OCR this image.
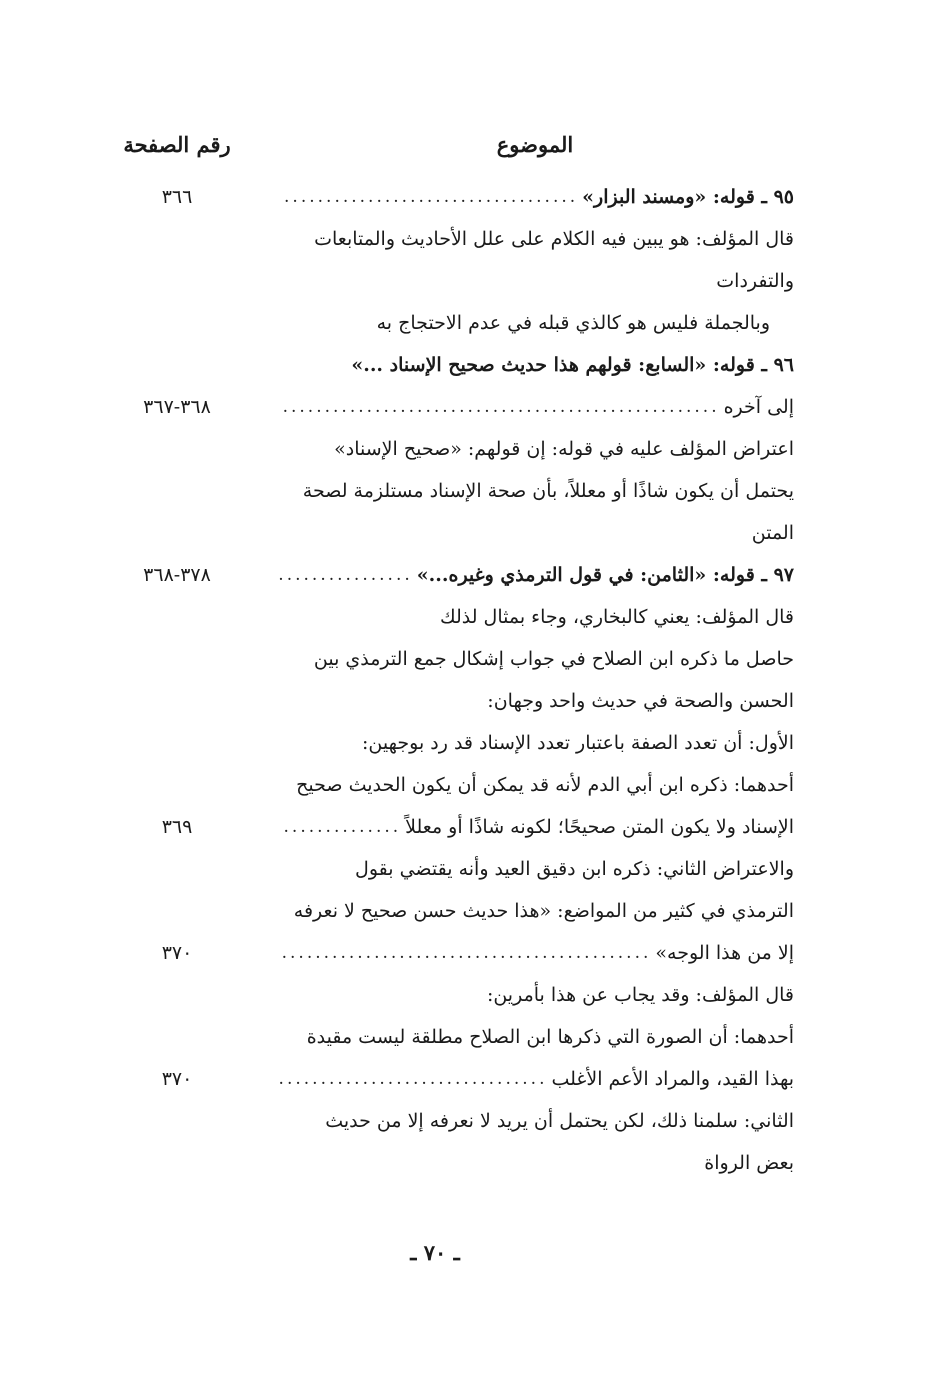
الموضوع
رقم الصفحة
٩٥ ـ قوله: «ومسند البزار»
...................................
٣٦٦
قال المؤلف: هو يبين فيه الكلام على علل الأحاديث والمتابعات
والتفردات
وبالجملة فليس هو كالذي قبله في عدم الاحتجاج به
٩٦ ـ قوله: «السابع: قولهم هذا حديث صحيح الإسناد ...»
إلى آخره
....................................................
٣٦٨-٣٦٧
اعتراض المؤلف عليه في قوله: إن قولهم: «صحيح الإسناد»
يحتمل أن يكون شاذًا أو معللاً، بأن صحة الإسناد مستلزمة لصحة
المتن
٩٧ ـ قوله: «الثامن: في قول الترمذي وغيره...»
................
٣٧٨-٣٦٨
قال المؤلف: يعني كالبخاري، وجاء بمثال لذلك
حاصل ما ذكره ابن الصلاح في جواب إشكال جمع الترمذي بين
الحسن والصحة في حديث واحد وجهان:
الأول: أن تعدد الصفة باعتبار تعدد الإسناد قد رد بوجهين:
أحدهما: ذكره ابن أبي الدم لأنه قد يمكن أن يكون الحديث صحيح
الإسناد ولا يكون المتن صحيحًا؛ لكونه شاذًا أو معللاً
..............
٣٦٩
والاعتراض الثاني: ذكره ابن دقيق العيد وأنه يقتضي بقول
الترمذي في كثير من المواضع: «هذا حديث حسن صحيح لا نعرفه
إلا من هذا الوجه»
............................................
٣٧٠
قال المؤلف: وقد يجاب عن هذا بأمرين:
أحدهما: أن الصورة التي ذكرها ابن الصلاح مطلقة ليست مقيدة
بهذا القيد، والمراد الأعم الأغلب
................................
٣٧٠
الثاني: سلمنا ذلك، لكن يحتمل أن يريد لا نعرفه إلا من حديث
بعض الرواة
ـ ٧٠ ـ
